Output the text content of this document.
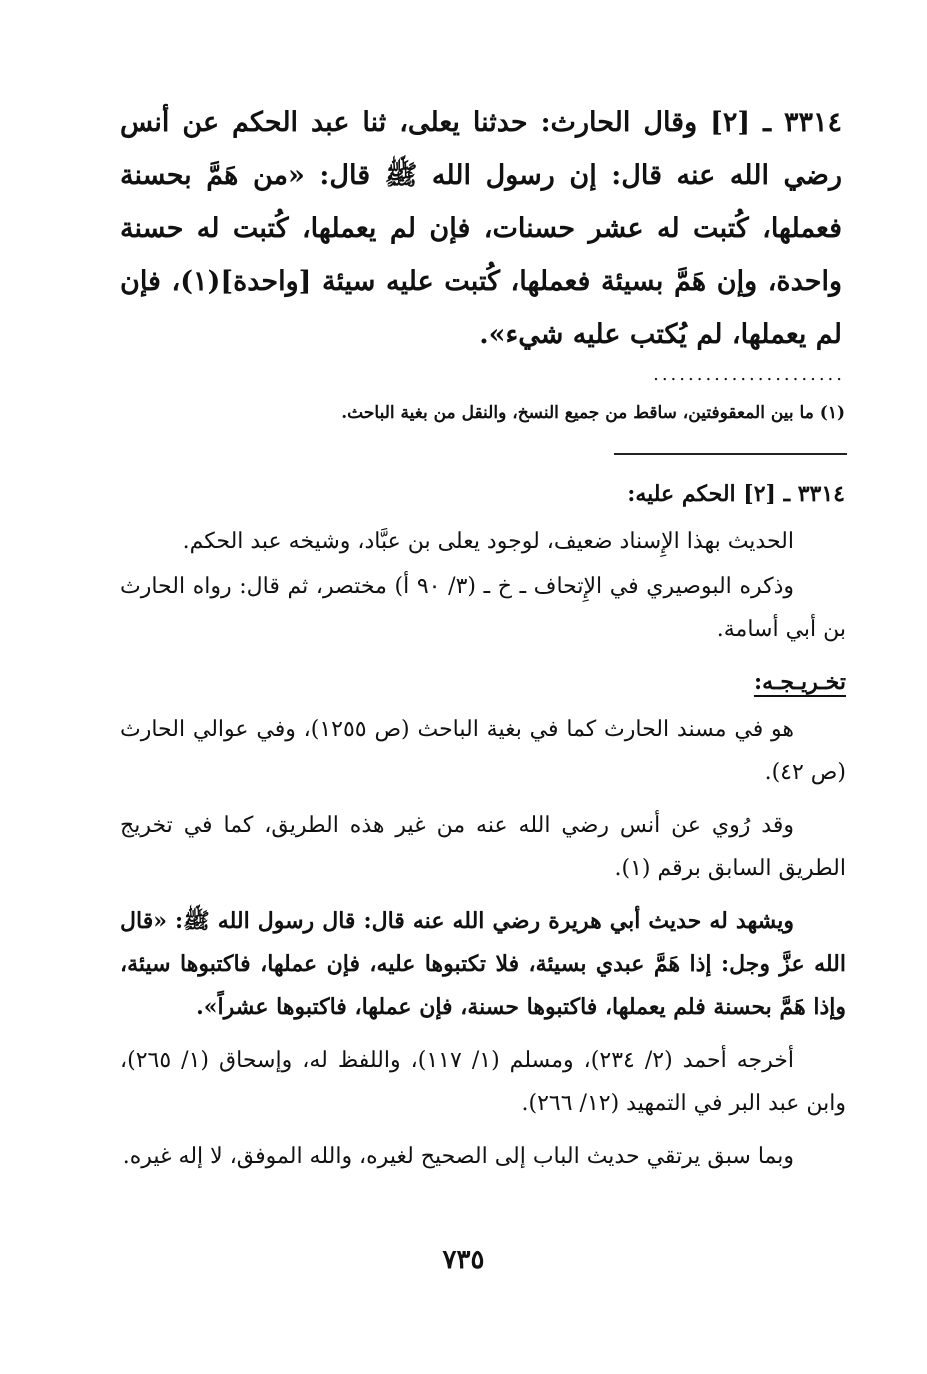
٣٣١٤ ـ [٢] وقال الحارث: حدثنا يعلى، ثنا عبد الحكم عن أنس رضي الله عنه قال: إن رسول الله ﷺ قال: «من هَمَّ بحسنة فعملها، كُتبت له عشر حسنات، فإن لم يعملها، كُتبت له حسنة واحدة، وإن هَمَّ بسيئة فعملها، كُتبت عليه سيئة [واحدة](١)، فإن لم يعملها، لم يُكتب عليه شيء».
......................
(١) ما بين المعقوفتين، ساقط من جميع النسخ، والنقل من بغية الباحث.
٣٣١٤ ـ [٢] الحكم عليه:

الحديث بهذا الإِسناد ضعيف، لوجود يعلى بن عبَّاد، وشيخه عبد الحكم.

وذكره البوصيري في الإِتحاف ـ خ ـ (٣/ ٩٠ أ) مختصر، ثم قال: رواه الحارث بن أبي أسامة.

تخـريـجـه:

هو في مسند الحارث كما في بغية الباحث (ص ١٢٥٥)، وفي عوالي الحارث (ص ٤٢).

وقد رُوي عن أنس رضي الله عنه من غير هذه الطريق، كما في تخريج الطريق السابق برقم (١).

ويشهد له حديث أبي هريرة رضي الله عنه قال: قال رسول الله ﷺ: «قال الله عزَّ وجل: إذا هَمَّ عبدي بسيئة، فلا تكتبوها عليه، فإن عملها، فاكتبوها سيئة، وإذا هَمَّ بحسنة فلم يعملها، فاكتبوها حسنة، فإن عملها، فاكتبوها عشراً».

أخرجه أحمد (٢/ ٢٣٤)، ومسلم (١/ ١١٧)، واللفظ له، وإسحاق (١/ ٢٦٥)، وابن عبد البر في التمهيد (١٢/ ٢٦٦).

وبما سبق يرتقي حديث الباب إلى الصحيح لغيره، والله الموفق، لا إله غيره.

٧٣٥
